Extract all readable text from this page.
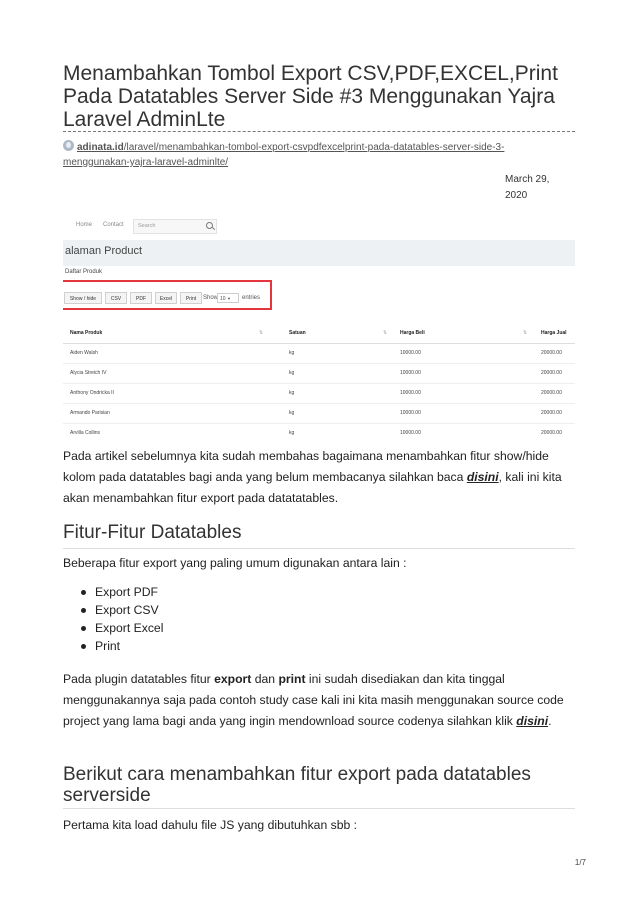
Menambahkan Tombol Export CSV,PDF,EXCEL,Print Pada Datatables Server Side #3 Menggunakan Yajra Laravel AdminLte
adinata.id/laravel/menambahkan-tombol-export-csvpdfexcelprint-pada-datatables-server-side-3-
menggunakan-yajra-laravel-adminlte/
March 29,
2020
Home Contact	Search
alaman Product
Daftar Produk
Show / hide	CSV	PDF	Excel	Print	Show 10 ▼	entries
Nama Produk	⇅	Satuan	⇅	Harga Beli	⇅	Harga Jual
Aiden Walsh	kg	10000.00	20000.00
Alycia Streich IV	kg	10000.00	20000.00
Anthony Ondricka II	kg	10000.00	20000.00
Armando Parisian	kg	10000.00	20000.00
Arvilla Collins	kg	10000.00	20000.00

Pada artikel sebelumnya kita sudah membahas bagaimana menambahkan fitur show/hide kolom pada datatables bagi anda yang belum membacanya silahkan baca disini, kali ini kita akan menambahkan fitur export pada datatatables.

Fitur-Fitur Datatables

Beberapa fitur export yang paling umum digunakan antara lain :

Export PDF
Export CSV
Export Excel
Print

Pada plugin datatables fitur export dan print ini sudah disediakan dan kita tinggal menggunakannya saja pada contoh study case kali ini kita masih menggunakan source code project yang lama bagi anda yang ingin mendownload source codenya silahkan klik disini.

Berikut cara menambahkan fitur export pada datatables serverside

Pertama kita load dahulu file JS yang dibutuhkan sbb :

1/7
